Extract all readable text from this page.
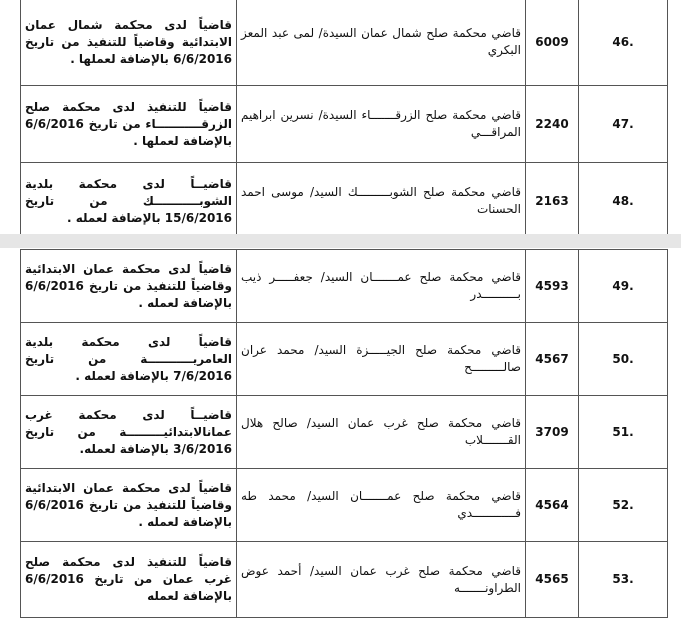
.46	6009	قاضي محكمة صلح شمال عمان السيدة/ لمى عبد المعز البكري	قاضياً لدى محكمة شمال عمان الابتدائية وقاضياً للتنفيذ من تاريخ 6/6/2016 بالإضافة لعملها .
.47	2240	قاضي محكمة صلح الزرقـــــــاء السيدة/ نسرين ابراهيم المراقـــي	قاضياً للتنفيذ لدى محكمة صلح الزرقـــــــــــاء من تاريخ 6/6/2016 بالإضافة لعملها .
.48	2163	قاضي محكمة صلح الشوبـــــــــك السيد/ موسى احمد الحسنات	قاضيــاً لدى محكمة بلدية الشوبـــــــــــك من تاريخ 15/6/2016 بالإضافة لعمله .
.49	4593	قاضي محكمة صلح عمـــــــان السيد/ جعفـــــر ذيب بــــــــــدر	قاضياً لدى محكمة عمان الابتدائية وقاضياً للتنفيذ من تاريخ 6/6/2016 بالإضافة لعمله .
.50	4567	قاضي محكمة صلح الجيـــــزة السيد/ محمد عران صالـــــــــح	قاضياً لدى محكمة بلدية العامريـــــــــــة من تاريخ 7/6/2016 بالإضافة لعمله .
.51	3709	قاضي محكمة صلح غرب عمان السيد/ صالح هلال القـــــــلاب	قاضيــاً لدى محكمة غرب عمانالابتدائيـــــــــة من تاريخ 3/6/2016 بالإضافة لعمله.
.52	4564	قاضي محكمة صلح عمـــــــان السيد/ محمد طه فــــــــــــدي	قاضياً لدى محكمة عمان الابتدائية وقاضياً للتنفيذ من تاريخ 6/6/2016 بالإضافة لعمله .
.53	4565	قاضي محكمة صلح غرب عمان السيد/ أحمد عوض الطراونـــــــه	قاضياً للتنفيذ لدى محكمة صلح غرب عمان من تاريخ 6/6/2016 بالإضافة لعمله
